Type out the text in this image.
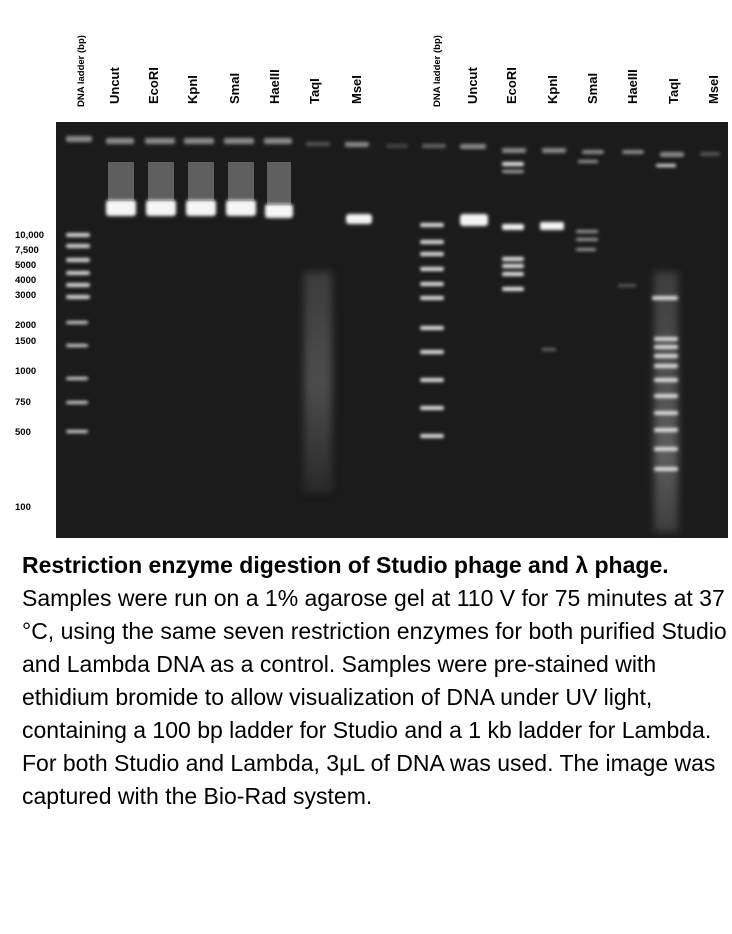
DNA ladder (bp) Uncut EcoRI KpnI SmaI HaeIII TaqI MseI	DNA ladder (bp) Uncut EcoRI KpnI SmaI HaeIII TaqI MseI
10,000
7,500
5000
4000
3000
2000
1500
1000
750
500
100
Restriction enzyme digestion of Studio phage and λ phage. Samples were run on a 1% agarose gel at 110 V for 75 minutes at 37 °C, using the same seven restriction enzymes for both purified Studio and Lambda DNA as a control. Samples were pre-stained with ethidium bromide to allow visualization of DNA under UV light, containing a 100 bp ladder for Studio and a 1 kb ladder for Lambda. For both Studio and Lambda, 3μL of DNA was used. The image was captured with the Bio-Rad system.
